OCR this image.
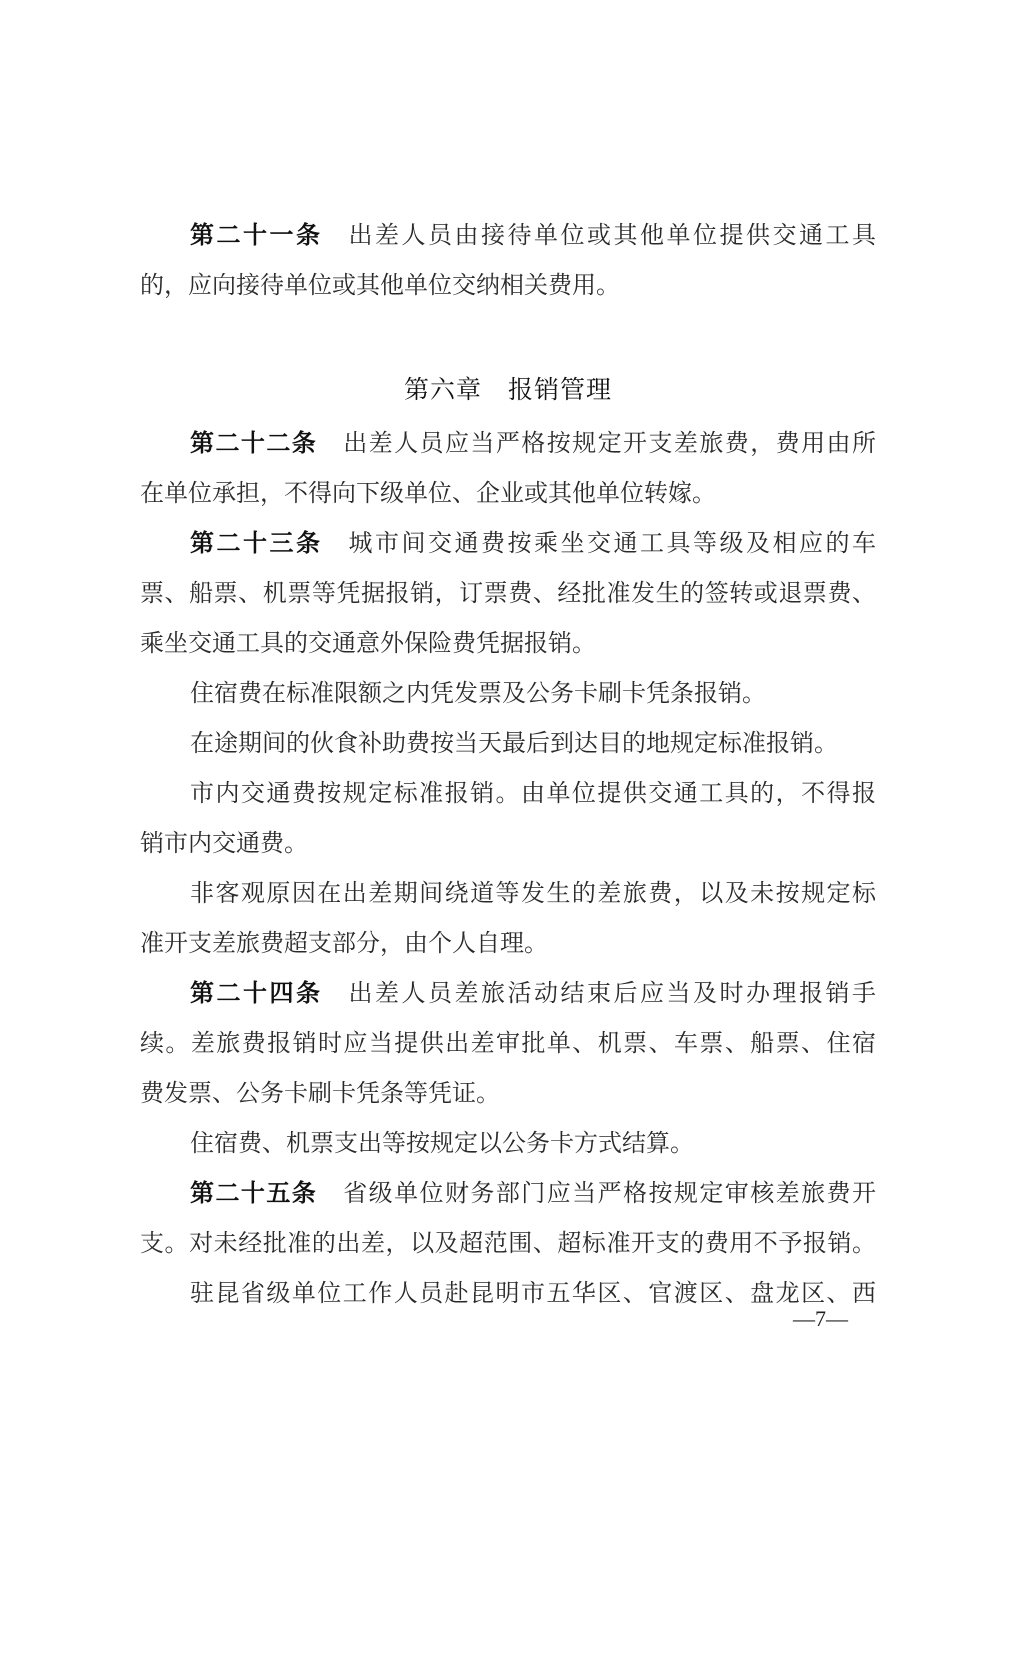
第二十一条 出差人员由接待单位或其他单位提供交通工具
的，应向接待单位或其他单位交纳相关费用。
第六章 报销管理
第二十二条 出差人员应当严格按规定开支差旅费，费用由所
在单位承担，不得向下级单位、企业或其他单位转嫁。
第二十三条 城市间交通费按乘坐交通工具等级及相应的车
票、船票、机票等凭据报销，订票费、经批准发生的签转或退票费、
乘坐交通工具的交通意外保险费凭据报销。
住宿费在标准限额之内凭发票及公务卡刷卡凭条报销。
在途期间的伙食补助费按当天最后到达目的地规定标准报销。
市内交通费按规定标准报销。由单位提供交通工具的，不得报
销市内交通费。
非客观原因在出差期间绕道等发生的差旅费，以及未按规定标
准开支差旅费超支部分，由个人自理。
第二十四条 出差人员差旅活动结束后应当及时办理报销手
续。差旅费报销时应当提供出差审批单、机票、车票、船票、住宿
费发票、公务卡刷卡凭条等凭证。
住宿费、机票支出等按规定以公务卡方式结算。
第二十五条 省级单位财务部门应当严格按规定审核差旅费开
支。对未经批准的出差，以及超范围、超标准开支的费用不予报销。
驻昆省级单位工作人员赴昆明市五华区、官渡区、盘龙区、西
—7—
